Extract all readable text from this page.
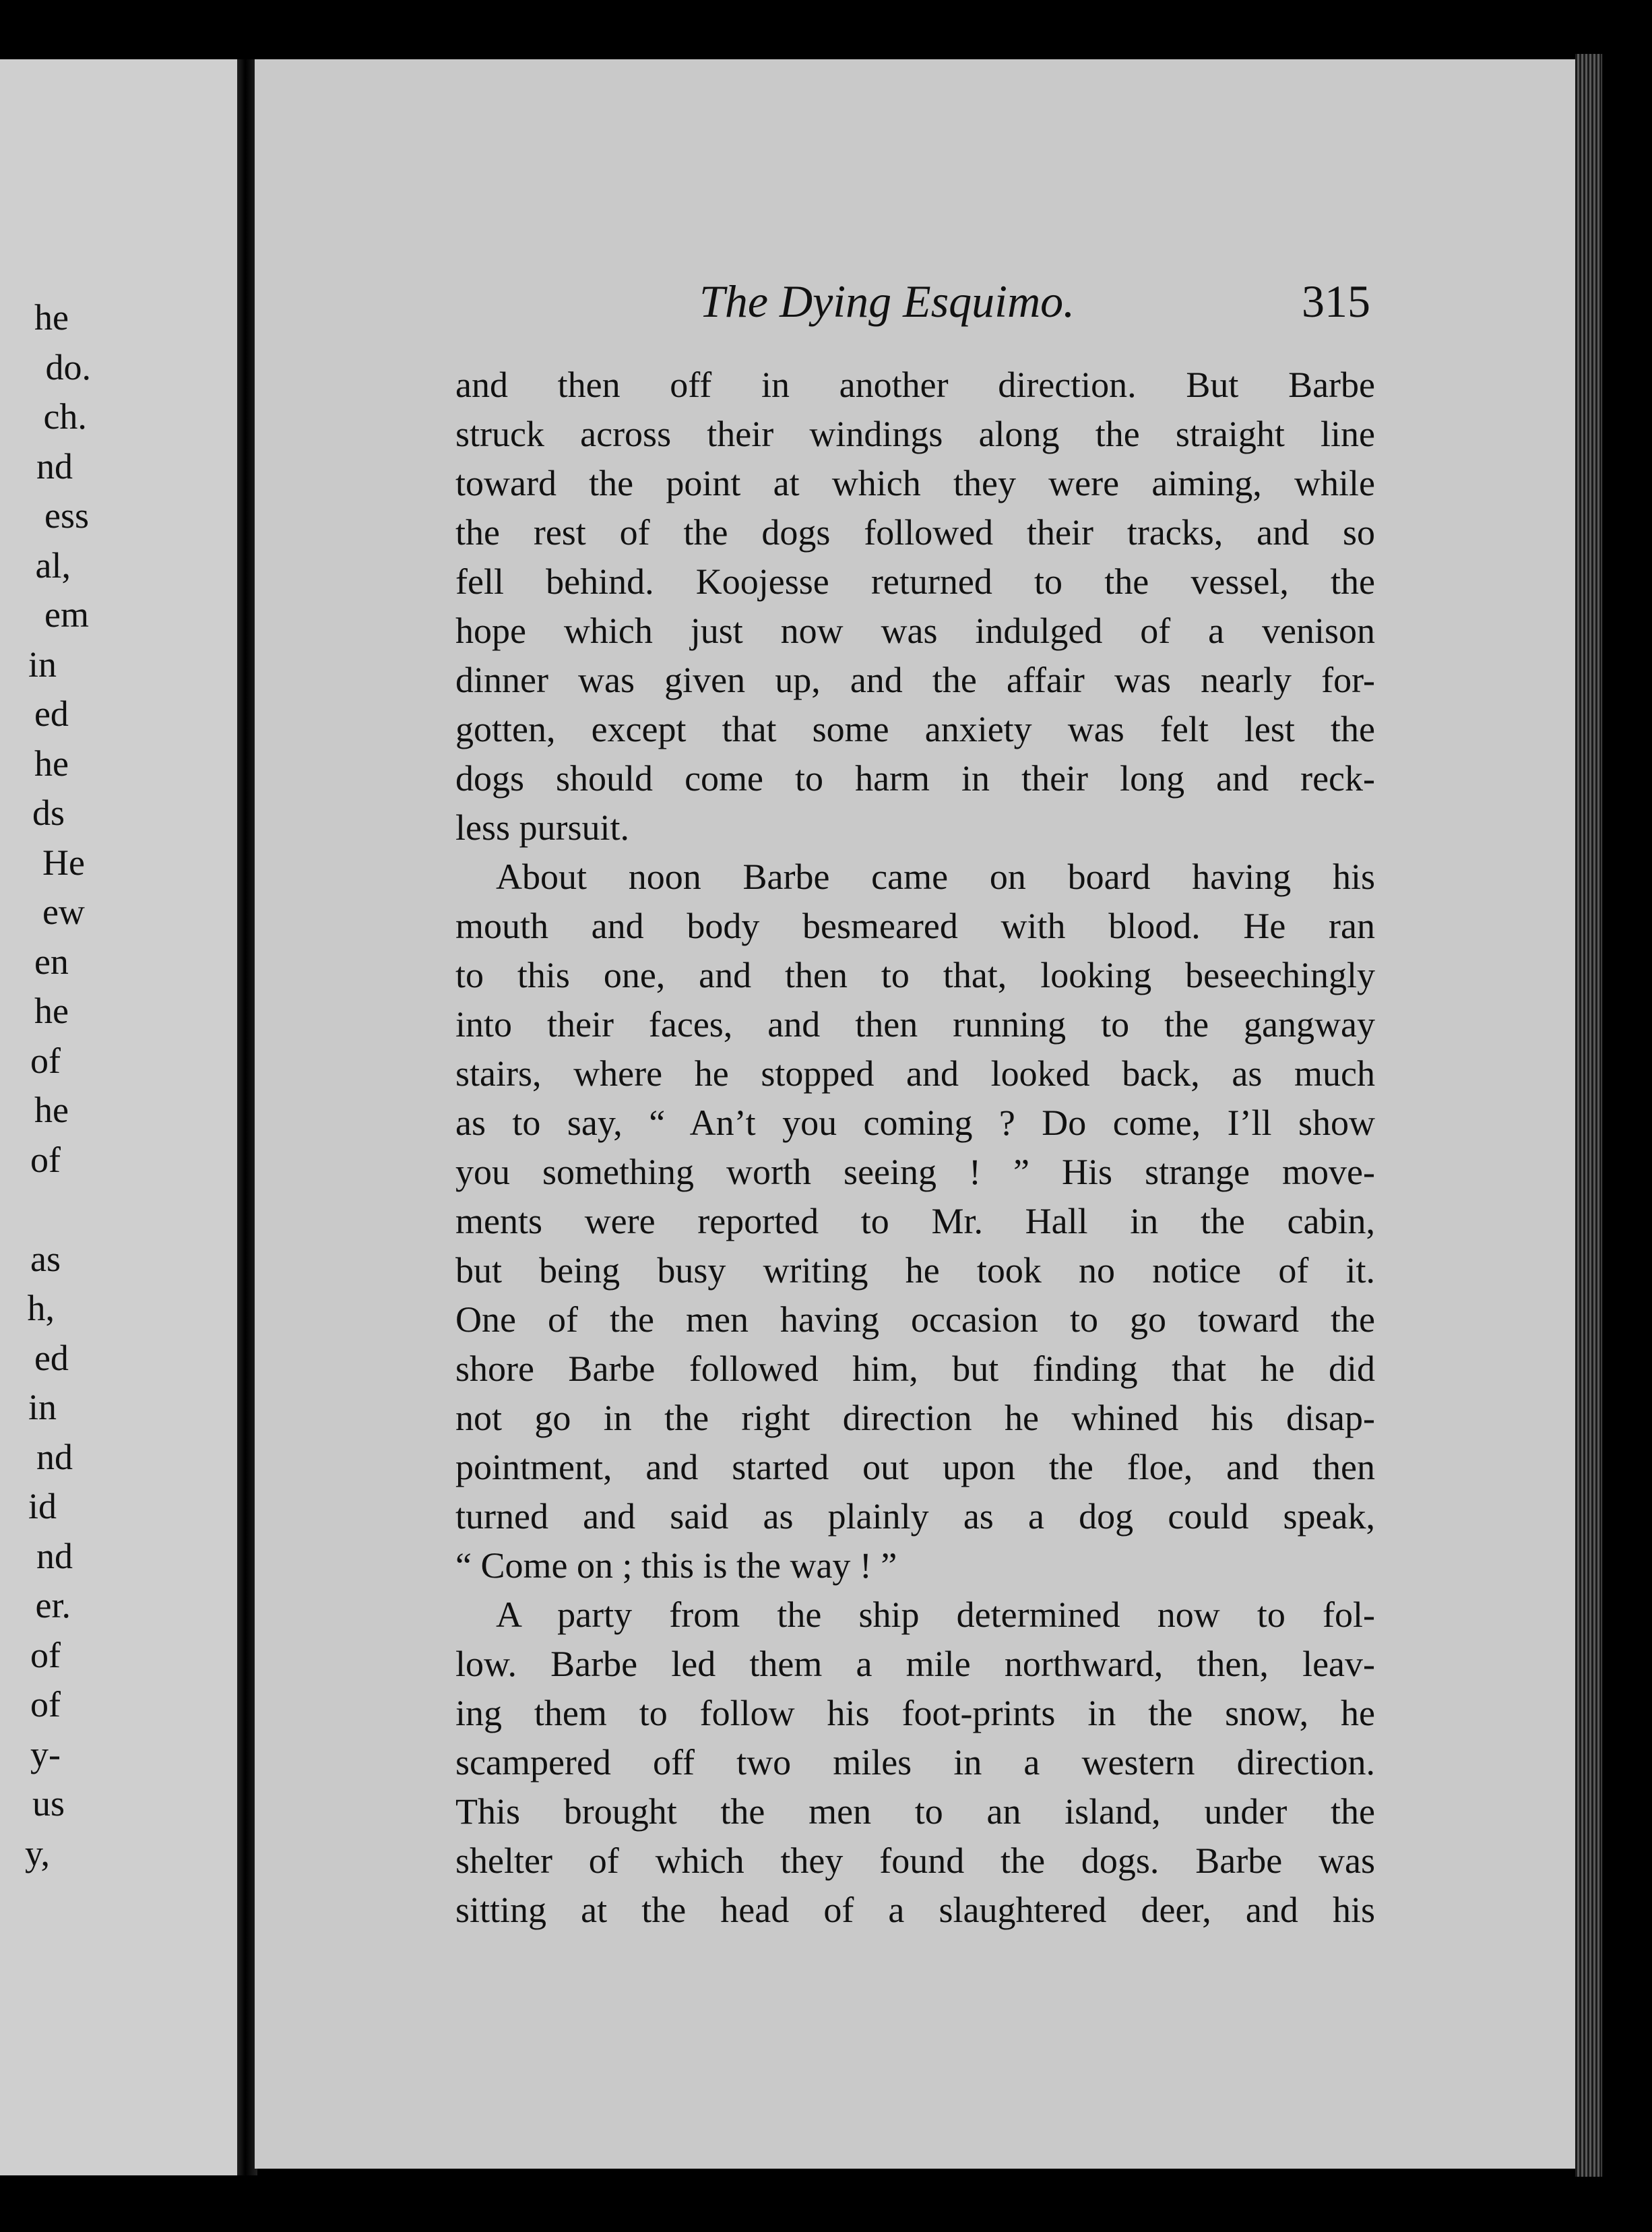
he
do.
ch.
nd
ess
al,
em
in
ed
he
ds
He
ew
en
he
of
he
of
as
h,
ed
in
nd
id
nd
er.
of
of
y-
us
y,
The Dying Esquimo.	315
and then off in another direction. But Barbe
struck across their windings along the straight line
toward the point at which they were aiming, while
the rest of the dogs followed their tracks, and so
fell behind. Koojesse returned to the vessel, the
hope which just now was indulged of a venison
dinner was given up, and the affair was nearly for-
gotten, except that some anxiety was felt lest the
dogs should come to harm in their long and reck-
less pursuit.
About noon Barbe came on board having his
mouth and body besmeared with blood. He ran
to this one, and then to that, looking beseechingly
into their faces, and then running to the gangway
stairs, where he stopped and looked back, as much
as to say, “ An’t you coming ? Do come, I’ll show
you something worth seeing ! ” His strange move-
ments were reported to Mr. Hall in the cabin,
but being busy writing he took no notice of it.
One of the men having occasion to go toward the
shore Barbe followed him, but finding that he did
not go in the right direction he whined his disap-
pointment, and started out upon the floe, and then
turned and said as plainly as a dog could speak,
“ Come on ; this is the way ! ”
A party from the ship determined now to fol-
low. Barbe led them a mile northward, then, leav-
ing them to follow his foot-prints in the snow, he
scampered off two miles in a western direction.
This brought the men to an island, under the
shelter of which they found the dogs. Barbe was
sitting at the head of a slaughtered deer, and his
